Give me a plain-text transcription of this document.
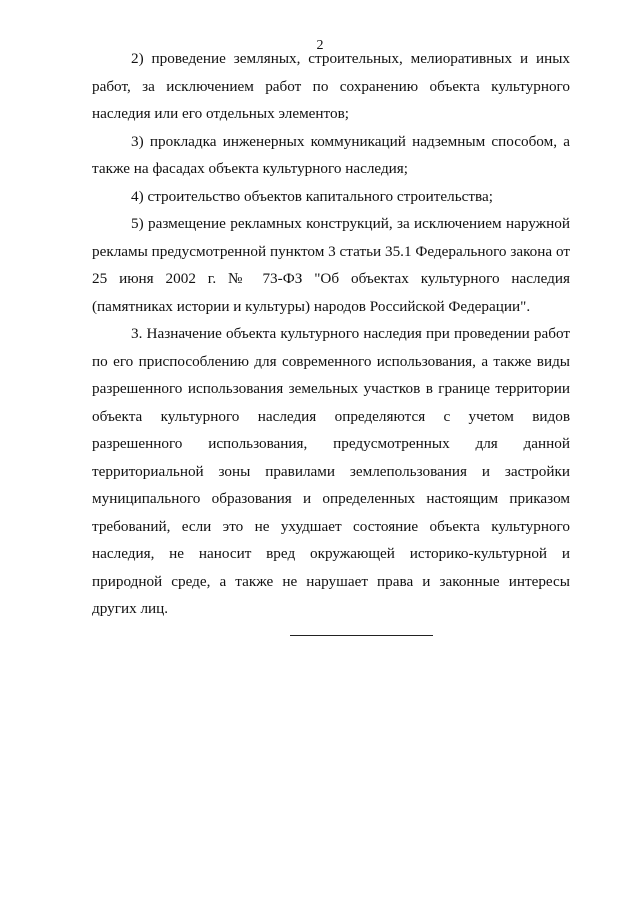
2

2) проведение земляных, строительных, мелиоративных и иных работ, за исключением работ по сохранению объекта культурного наследия или его отдельных элементов;

3) прокладка инженерных коммуникаций надземным способом, а также на фасадах объекта культурного наследия;

4) строительство объектов капитального строительства;

5) размещение рекламных конструкций, за исключением наружной рекламы предусмотренной пунктом 3 статьи 35.1 Федерального закона от 25 июня 2002 г. № 73-ФЗ "Об объектах культурного наследия (памятниках истории и культуры) народов Российской Федерации".

3. Назначение объекта культурного наследия при проведении работ по его приспособлению для современного использования, а также виды разрешенного использования земельных участков в границе территории объекта культурного наследия определяются с учетом видов разрешенного использования, предусмотренных для данной территориальной зоны правилами землепользования и застройки муниципального образования и определенных настоящим приказом требований, если это не ухудшает состояние объекта культурного наследия, не наносит вред окружающей историко-культурной и природной среде, а также не нарушает права и законные интересы других лиц.
